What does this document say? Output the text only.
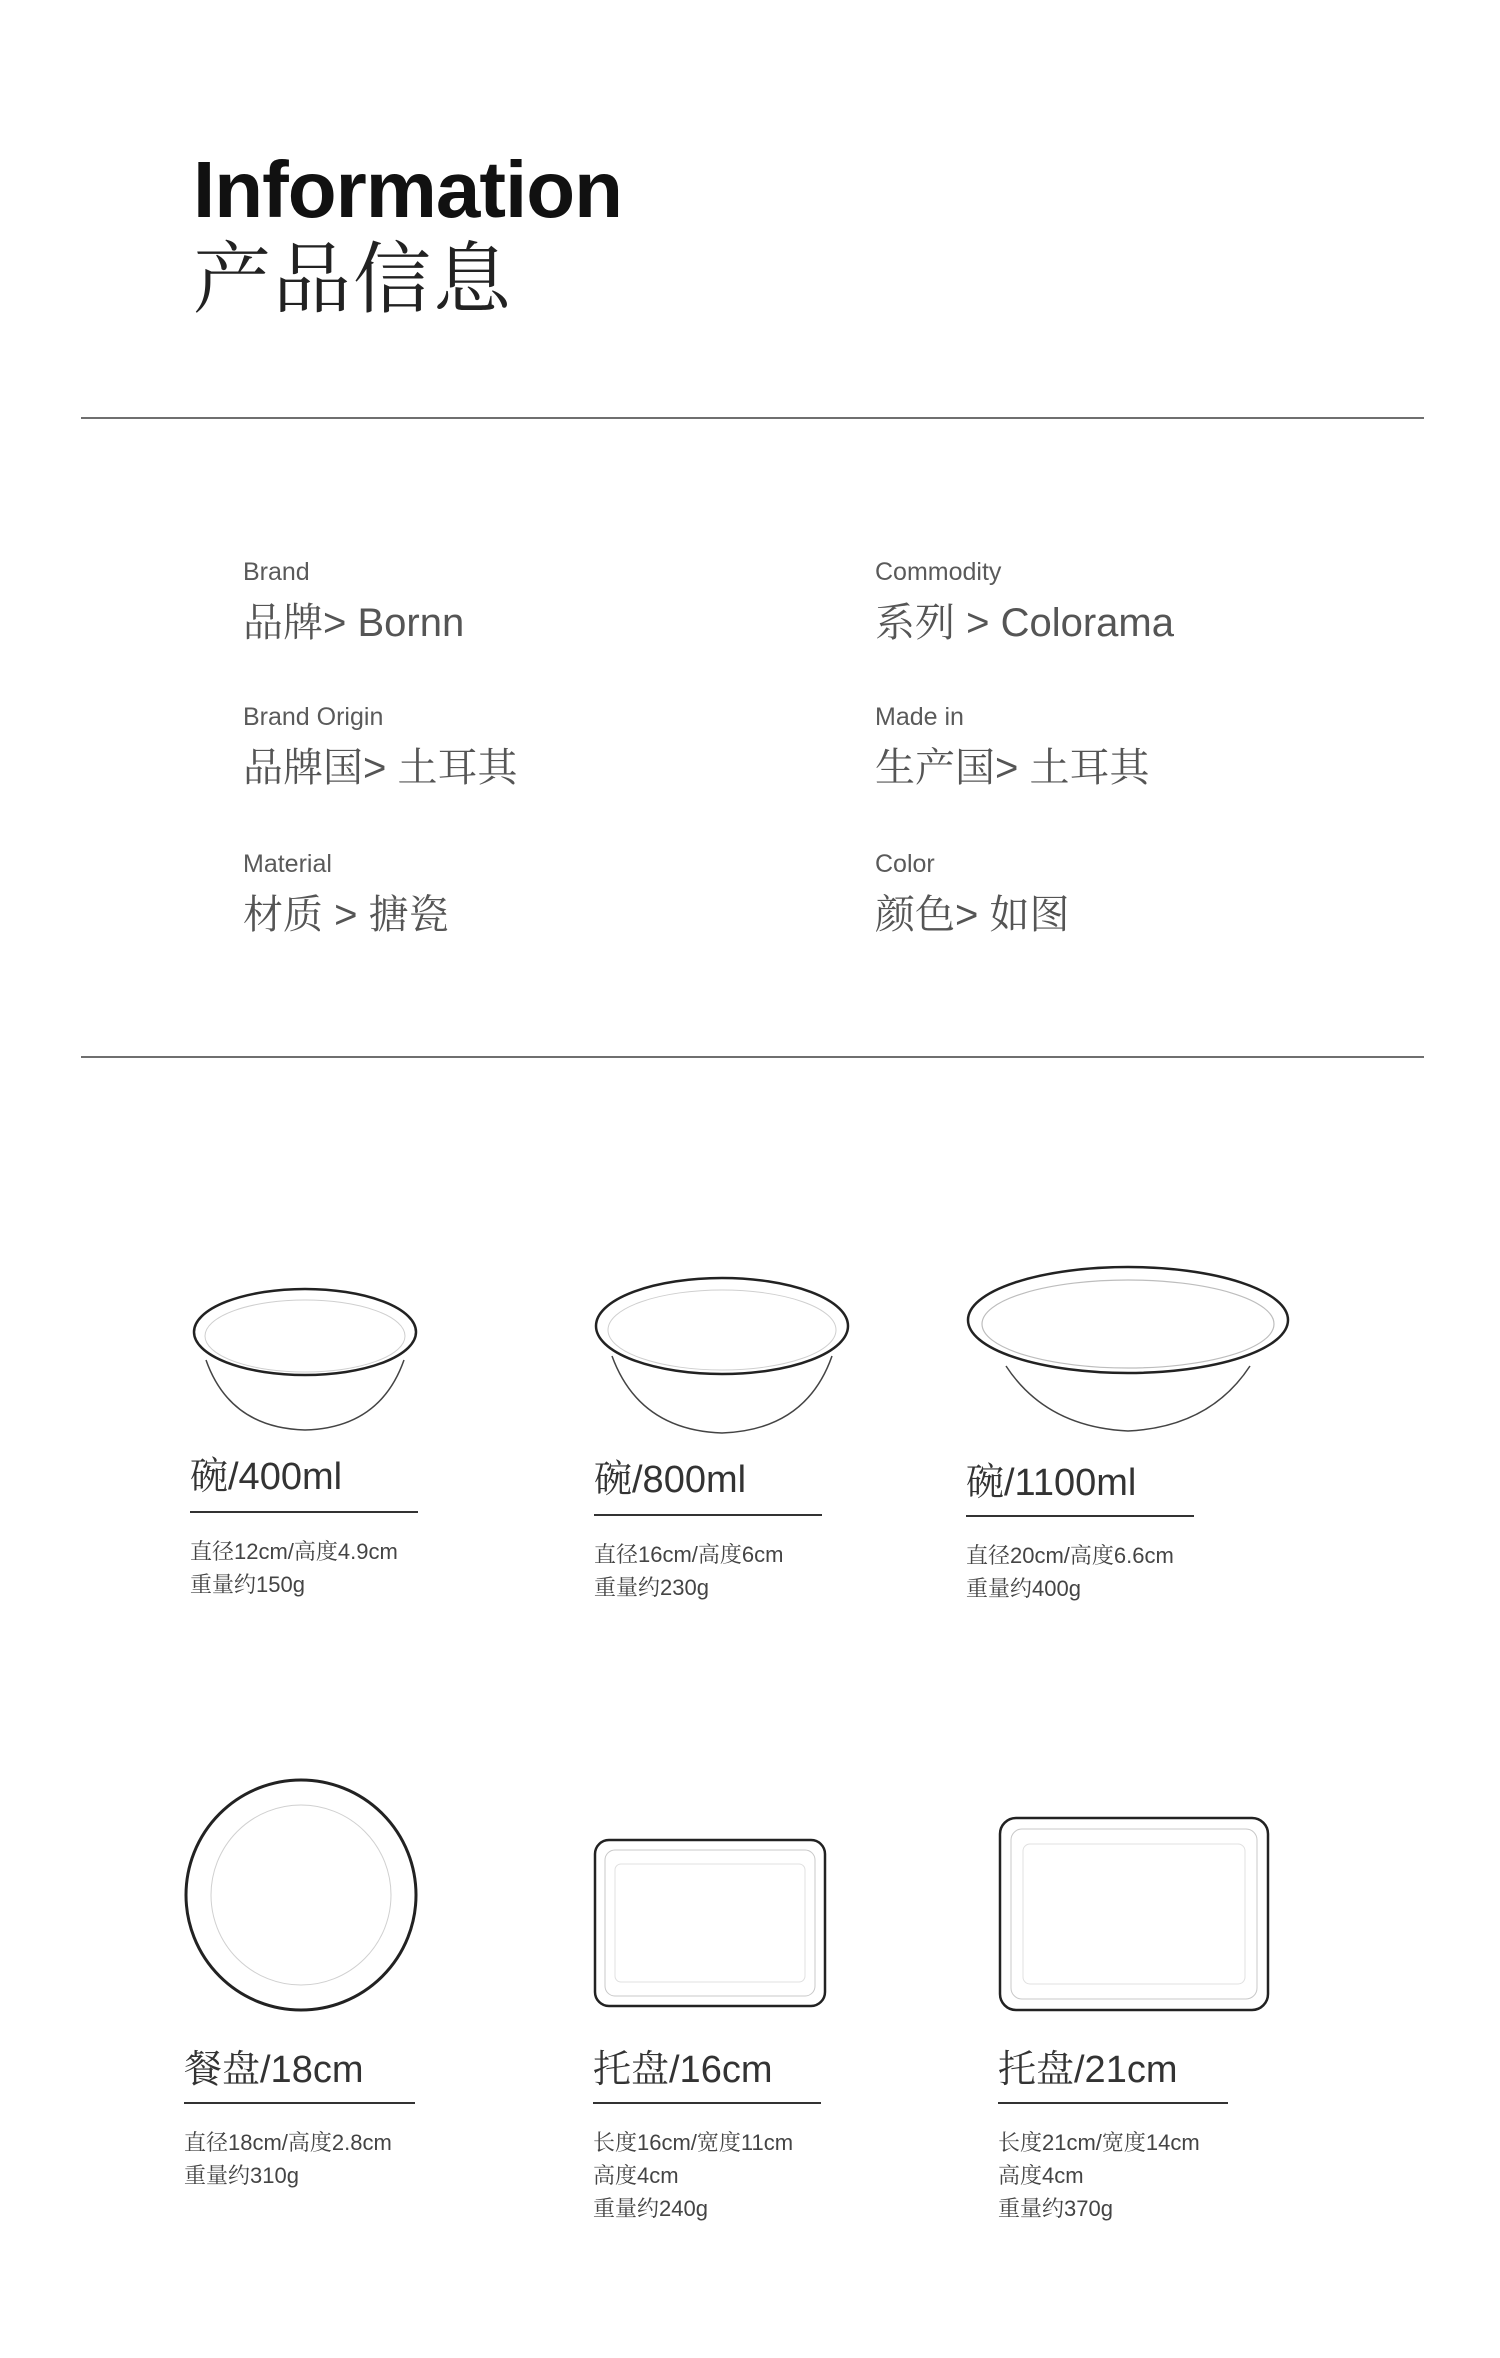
Information
产品信息
Brand
品牌> Bornn
Commodity
系列 > Colorama
Brand Origin
品牌国> 土耳其
Made in
生产国> 土耳其
Material
材质 > 搪瓷
Color
颜色> 如图
碗/400ml
直径12cm/高度4.9cm
重量约150g
碗/800ml
直径16cm/高度6cm
重量约230g
碗/1100ml
直径20cm/高度6.6cm
重量约400g
餐盘/18cm
直径18cm/高度2.8cm
重量约310g
托盘/16cm
长度16cm/宽度11cm
高度4cm
重量约240g
托盘/21cm
长度21cm/宽度14cm
高度4cm
重量约370g
